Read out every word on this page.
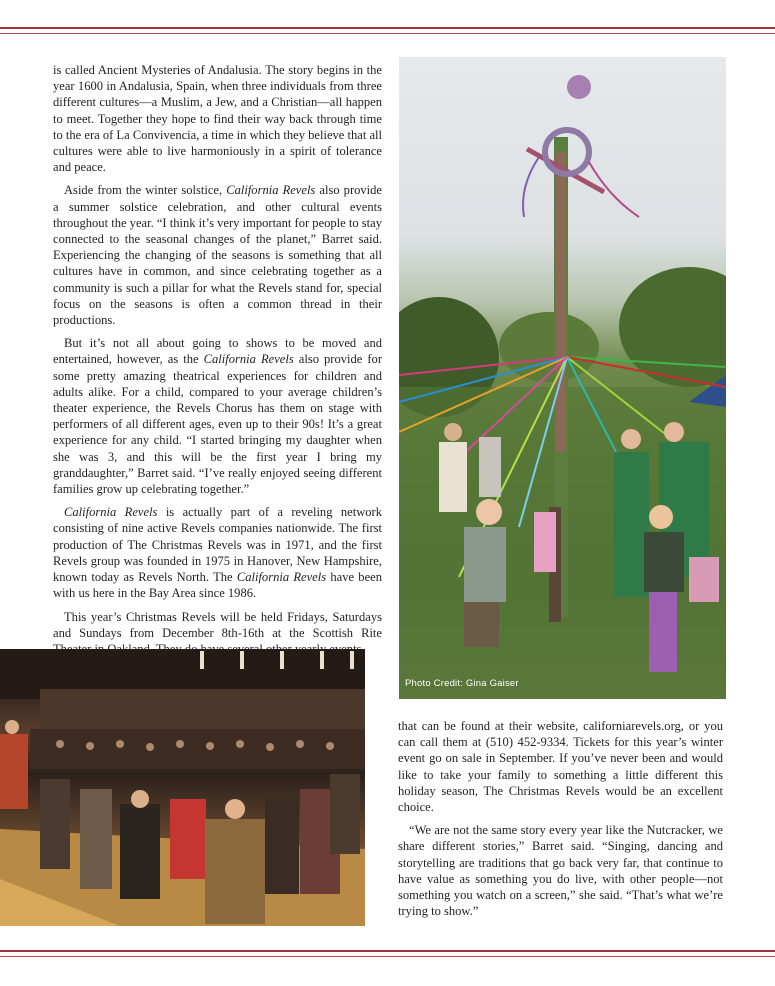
is called Ancient Mysteries of Andalusia. The story begins in the year 1600 in Andalusia, Spain, when three individuals from three different cultures—a Muslim, a Jew, and a Christian—all happen to meet. Together they hope to find their way back through time to the era of La Convivencia, a time in which they believe that all cultures were able to live harmoniously in a spirit of tolerance and peace.

Aside from the winter solstice, California Revels also provide a summer solstice celebration, and other cultural events throughout the year. “I think it’s very important for people to stay connected to the seasonal changes of the planet,” Barret said. Experiencing the changing of the seasons is something that all cultures have in common, and since celebrating together as a community is such a pillar for what the Revels stand for, special focus on the seasons is often a common thread in their productions.

But it’s not all about going to shows to be moved and entertained, however, as the California Revels also provide for some pretty amazing theatrical experiences for children and adults alike. For a child, compared to your average children’s theater experience, the Revels Chorus has them on stage with performers of all different ages, even up to their 90s! It’s a great experience for any child. “I started bringing my daughter when she was 3, and this will be the first year I bring my granddaughter,” Barret said. “I’ve really enjoyed seeing different families grow up celebrating together.”

California Revels is actually part of a reveling network consisting of nine active Revels companies nationwide. The first production of The Christmas Revels was in 1971, and the first Revels group was founded in 1975 in Hanover, New Hampshire, known today as Revels North. The California Revels have been with us here in the Bay Area since 1986.

This year’s Christmas Revels will be held Fridays, Saturdays and Sundays from December 8th-16th at the Scottish Rite

Photo Credit: Gina Gaiser

that can be found at their website, californiarevels.org, or you can call them at (510) 452-9334. Tickets for this year’s winter event go on sale in September. If you’ve never been and would like to take your family to something a little different this holiday season, The Christmas Revels would be an excellent choice.

“We are not the same story every year like the Nutcracker, we share different stories,” Barret said. “Singing, dancing and storytelling are traditions that go back very far, that continue to have value as something you do live, with other people—not something you watch on a screen,” she said. “That’s what we’re trying to show.”
